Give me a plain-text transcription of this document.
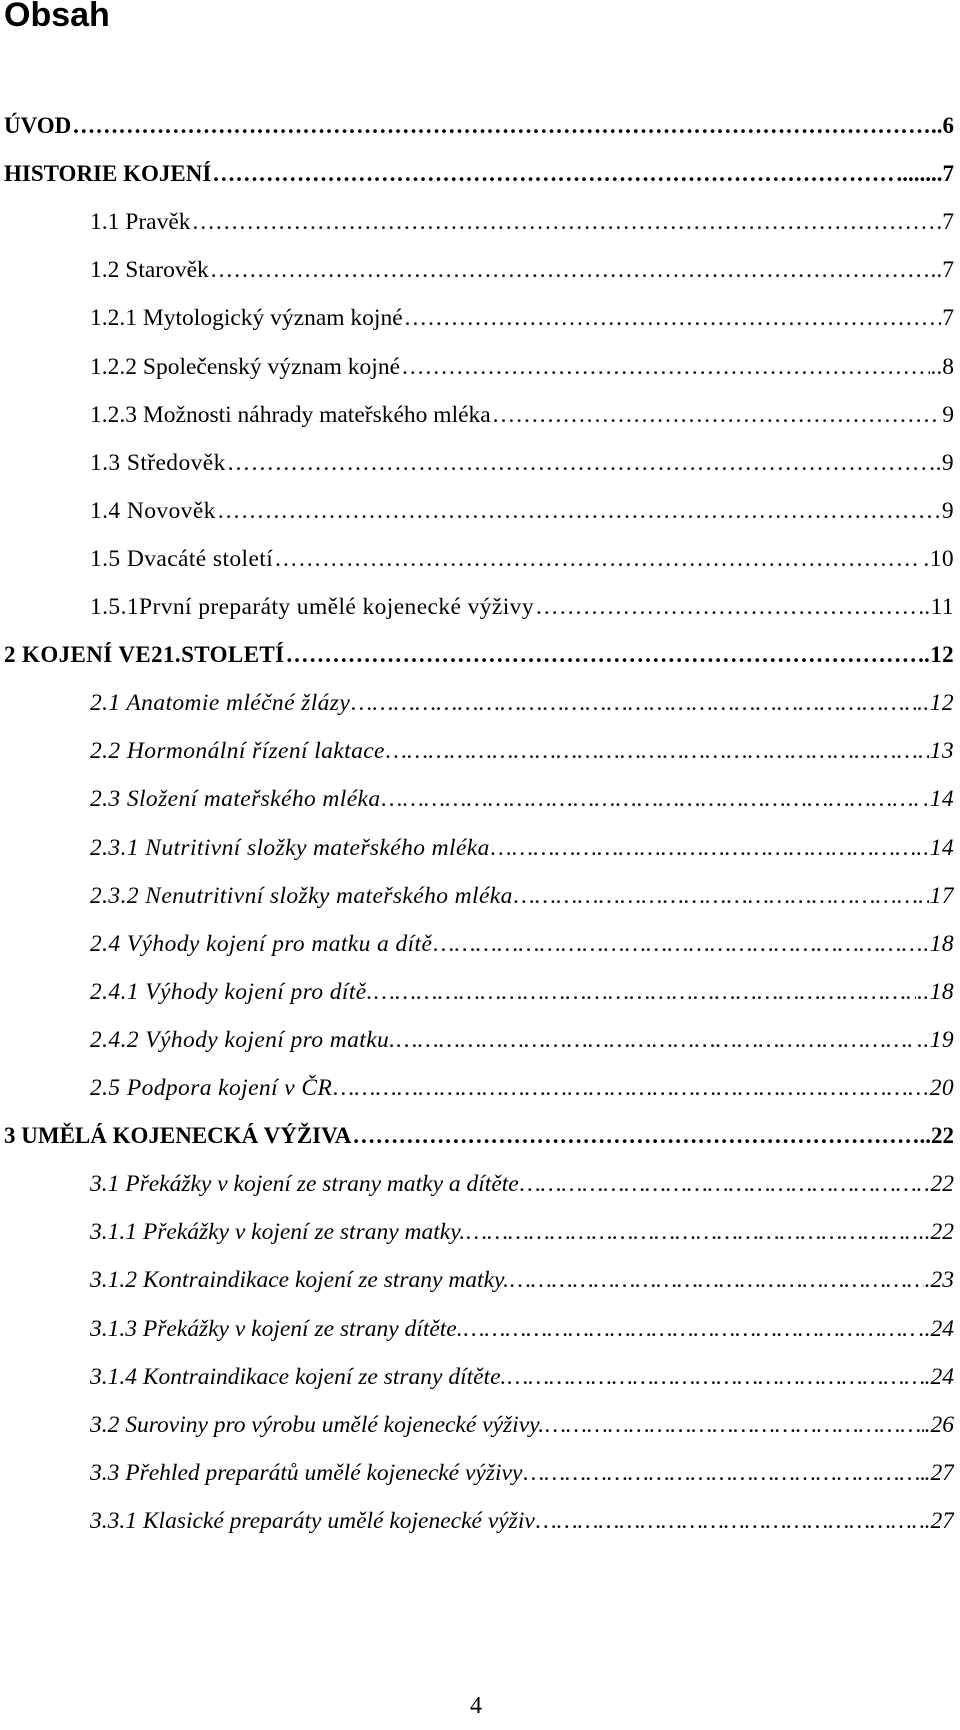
Obsah
ÚVOD ………………………………………………………………………………………………………………………………………………………………………………	..6
HISTORIE KOJENÍ ………………………………………………………………………………………………………………………………………………………………………………	........7
1.1 Pravěk ………………………………………………………………………………………………………………………………………………………………………………	.7
1.2 Starověk ………………………………………………………………………………………………………………………………………………………………………………	..7
1.2.1 Mytologický význam kojné ………………………………………………………………………………………………………………………………………………………………………………	7
1.2.2 Společenský význam kojné ………………………………………………………………………………………………………………………………………………………………………………	..8
1.2.3 Možnosti náhrady mateřského mléka ………………………………………………………………………………………………………………………………………………………………………………	9
1.3 Středověk ………………………………………………………………………………………………………………………………………………………………………………	..9
1.4 Novověk ………………………………………………………………………………………………………………………………………………………………………………	9
1.5 Dvacáté století ………………………………………………………………………………………………………………………………………………………………………………	.10
1.5.1První preparáty umělé kojenecké výživy ………………………………………………………………………………………………………………………………………………………………………………	.11
2 KOJENÍ VE21.STOLETÍ ………………………………………………………………………………………………………………………………………………………………………………	.12
2.1 Anatomie mléčné žlázy ………………………………………………………………………………………………………………………………………………………………………………	..12
2.2 Hormonální řízení laktace ………………………………………………………………………………………………………………………………………………………………………………	13
2.3 Složení mateřského mléka ………………………………………………………………………………………………………………………………………………………………………………	.14
2.3.1 Nutritivní složky mateřského mléka ………………………………………………………………………………………………………………………………………………………………………………	.14
2.3.2 Nenutritivní složky mateřského mléka ………………………………………………………………………………………………………………………………………………………………………………	17
2.4 Výhody kojení pro matku a dítě ………………………………………………………………………………………………………………………………………………………………………………	..18
2.4.1 Výhody kojení pro dítě. ………………………………………………………………………………………………………………………………………………………………………………	..18
2.4.2 Výhody kojení pro matku. ………………………………………………………………………………………………………………………………………………………………………………	..19
2.5 Podpora kojení v ČR ………………………………………………………………………………………………………………………………………………………………………………	.20
3 UMĚLÁ KOJENECKÁ VÝŽIVA ………………………………………………………………………………………………………………………………………………………………………………	..22
3.1 Překážky v kojení ze strany matky a dítěte ………………………………………………………………………………………………………………………………………………………………………………	22
3.1.1 Překážky v kojení ze strany matky. ………………………………………………………………………………………………………………………………………………………………………………	..22
3.1.2 Kontraindikace kojení ze strany matky. ………………………………………………………………………………………………………………………………………………………………………………	.23
3.1.3 Překážky v kojení ze strany dítěte. ………………………………………………………………………………………………………………………………………………………………………………	..24
3.1.4 Kontraindikace kojení ze strany dítěte. ………………………………………………………………………………………………………………………………………………………………………………	.24
3.2 Suroviny pro výrobu umělé kojenecké výživy. ………………………………………………………………………………………………………………………………………………………………………………	.26
3.3 Přehled preparátů umělé kojenecké výživy ………………………………………………………………………………………………………………………………………………………………………………	.27
3.3.1 Klasické preparáty umělé kojenecké výživ ………………………………………………………………………………………………………………………………………………………………………………	.27
4
